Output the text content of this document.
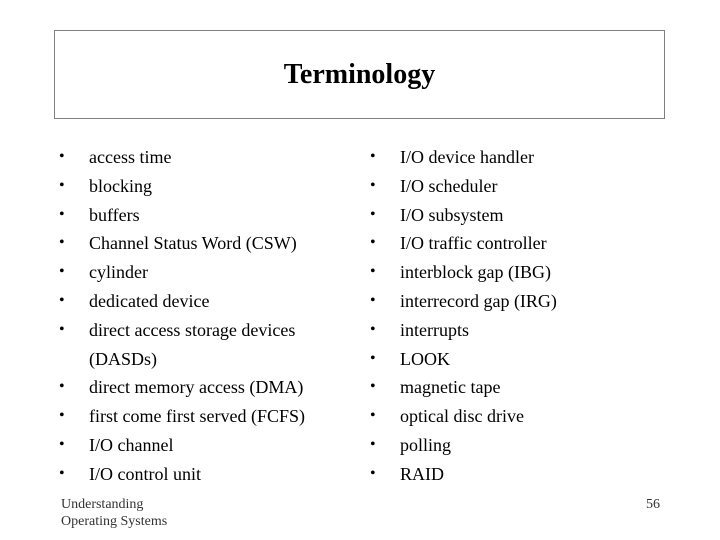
Terminology
•	access time
•	blocking
•	buffers
•	Channel Status Word (CSW)
•	cylinder
•	dedicated device
•	direct access storage devices (DASDs)
•	direct memory access (DMA)
•	first come first served (FCFS)
•	I/O channel
•	I/O control unit
•	I/O device handler
•	I/O scheduler
•	I/O subsystem
•	I/O traffic controller
•	interblock gap (IBG)
•	interrecord gap (IRG)
•	interrupts
•	LOOK
•	magnetic tape
•	optical disc drive
•	polling
•	RAID
Understanding
Operating Systems
56
